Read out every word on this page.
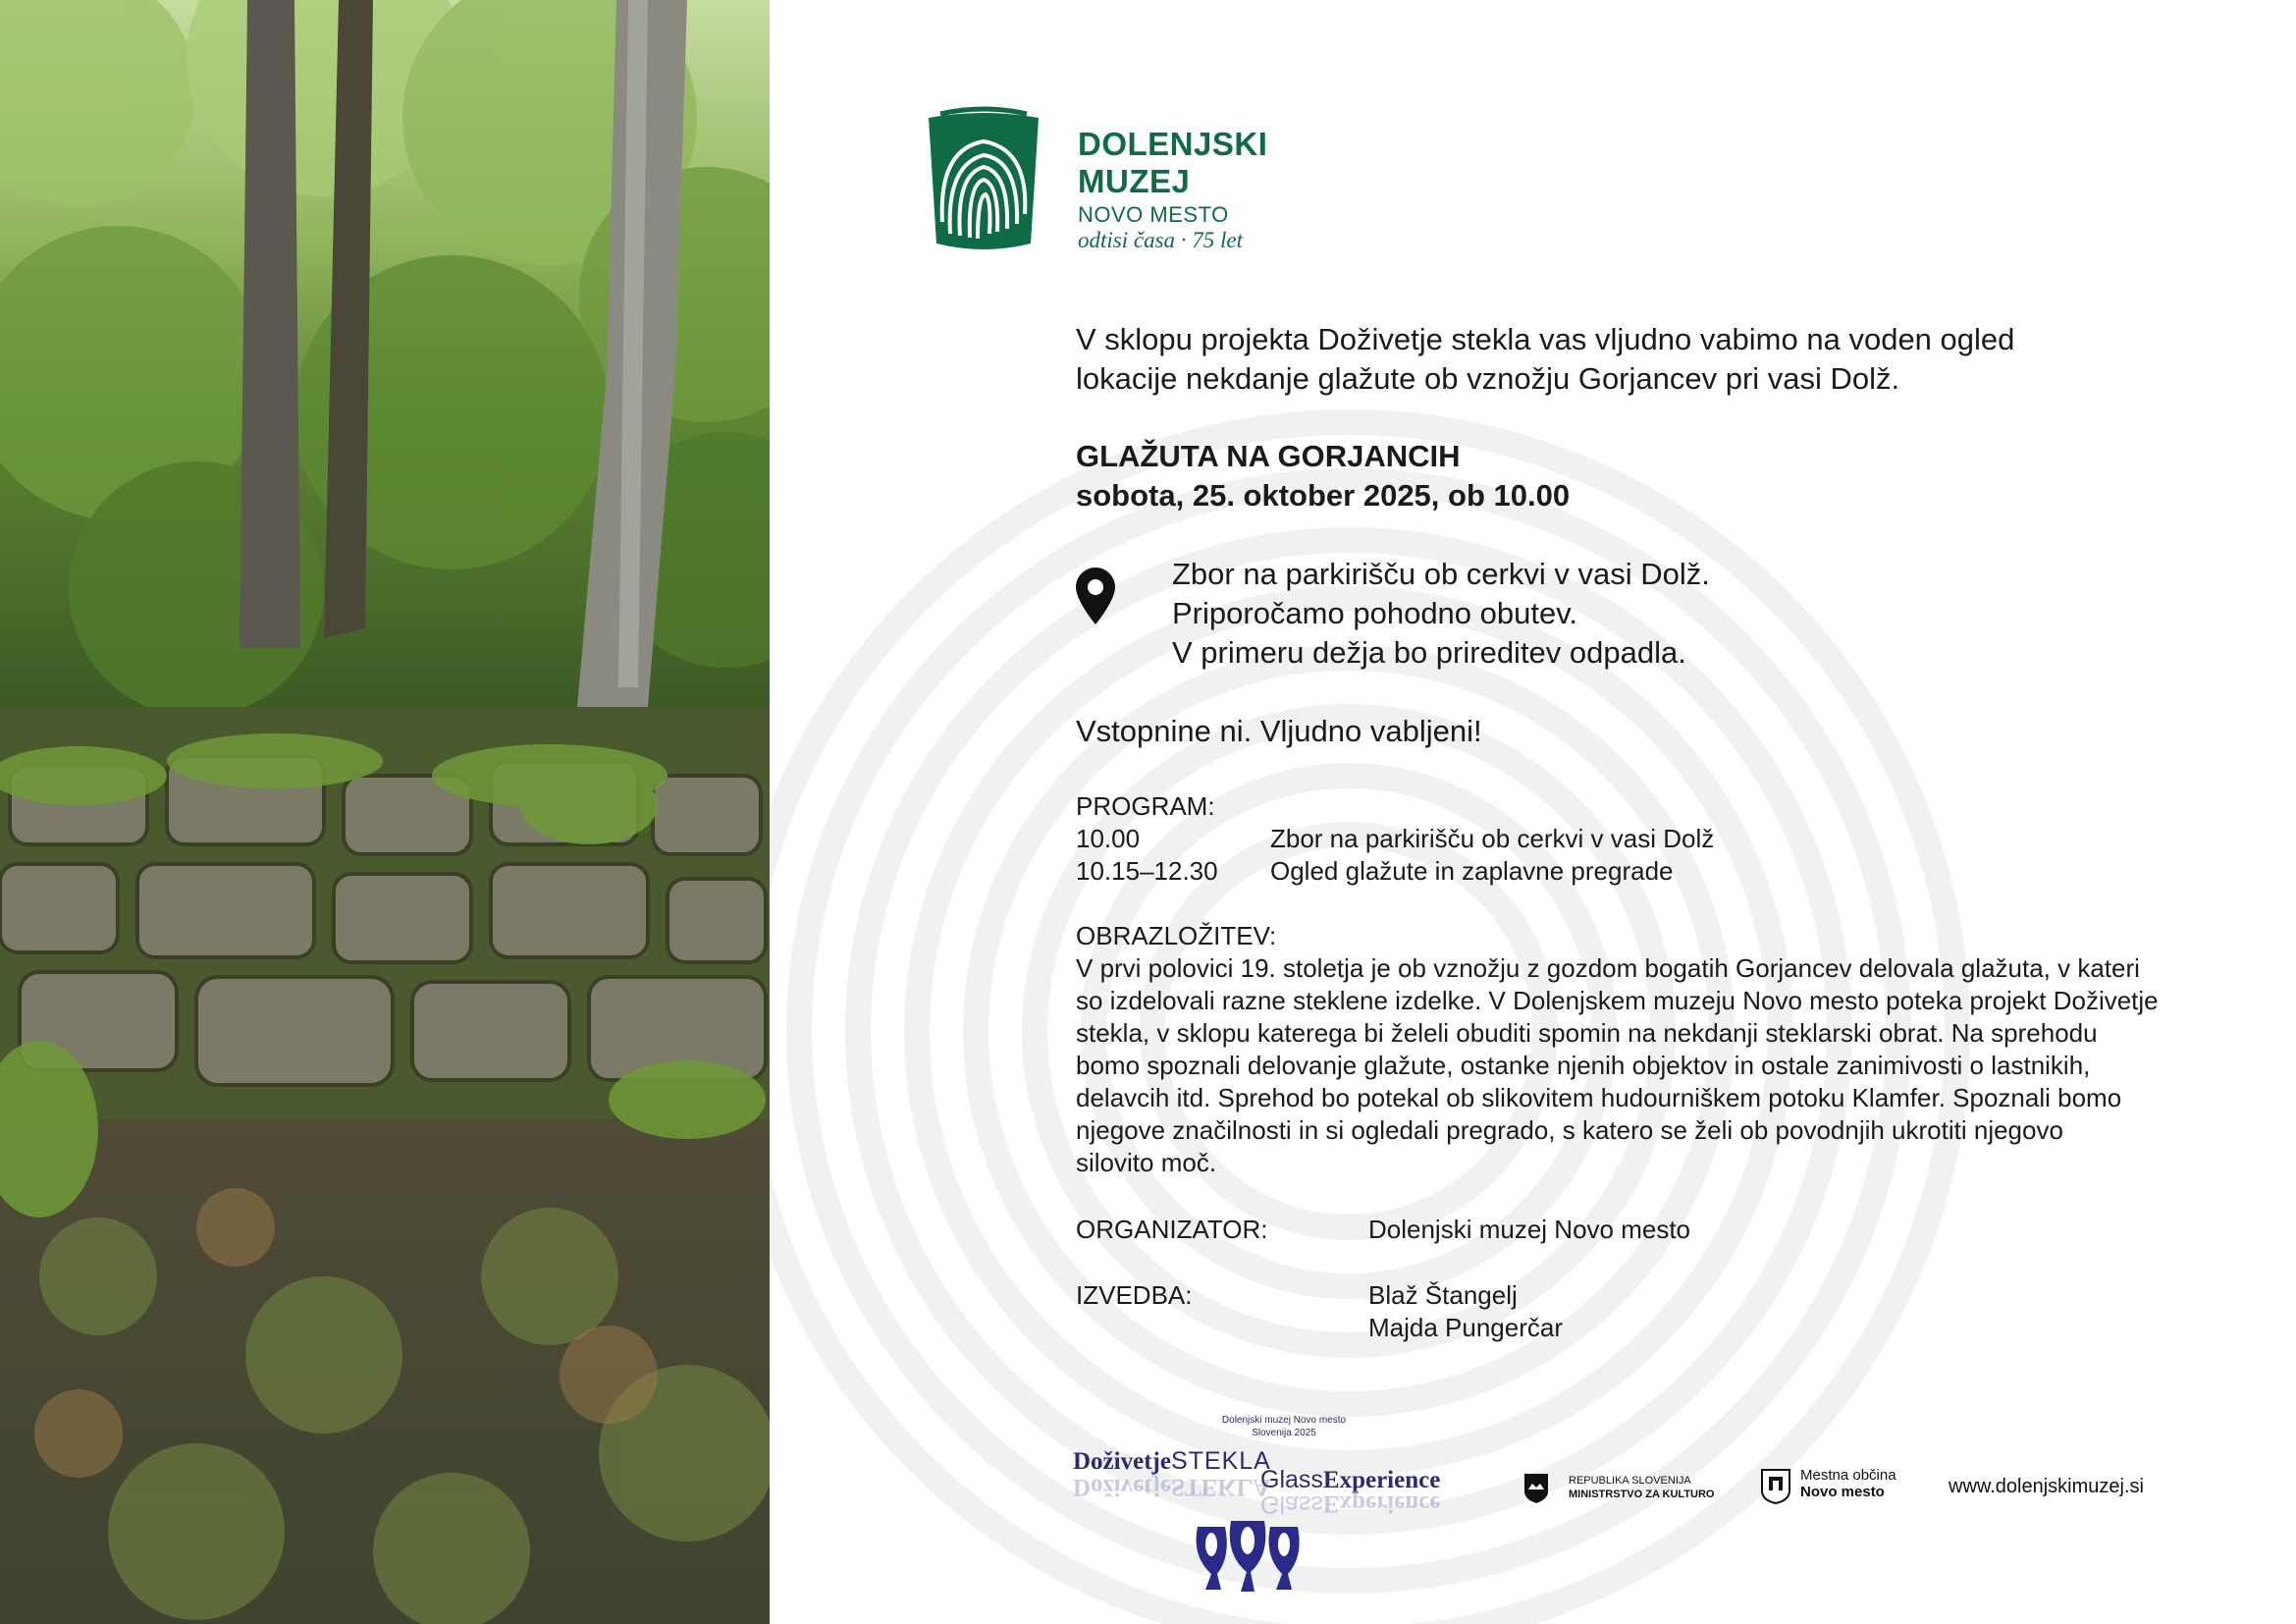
DOLENJSKI
MUZEJ
NOVO MESTO
odtisi časa · 75 let
V sklopu projekta Doživetje stekla vas vljudno vabimo na voden ogled
lokacije nekdanje glažute ob vznožju Gorjancev pri vasi Dolž.
GLAŽUTA NA GORJANCIH
sobota, 25. oktober 2025, ob 10.00
Zbor na parkirišču ob cerkvi v vasi Dolž.
Priporočamo pohodno obutev.
V primeru dežja bo prireditev odpadla.
Vstopnine ni. Vljudno vabljeni!
PROGRAM:
10.00	Zbor na parkirišču ob cerkvi v vasi Dolž
10.15–12.30 Ogled glažute in zaplavne pregrade
OBRAZLOŽITEV:
V prvi polovici 19. stoletja je ob vznožju z gozdom bogatih Gorjancev delovala glažuta, v kateri
so izdelovali razne steklene izdelke. V Dolenjskem muzeju Novo mesto poteka projekt Doživetje
stekla, v sklopu katerega bi želeli obuditi spomin na nekdanji steklarski obrat. Na sprehodu
bomo spoznali delovanje glažute, ostanke njenih objektov in ostale zanimivosti o lastnikih,
delavcih itd. Sprehod bo potekal ob slikovitem hudourniškem potoku Klamfer. Spoznali bomo
njegove značilnosti in si ogledali pregrado, s katero se želi ob povodnjih ukrotiti njegovo
silovito moč.
ORGANIZATOR:	Dolenjski muzej Novo mesto
IZVEDBA:	Blaž Štangelj
Majda Pungerčar
Dolenjski muzej Novo mesto
Slovenija 2025
DoživetjeSTEKLA
DoživetjeSTEKLA
GlassExperience
GlassExperience
REPUBLIKA SLOVENIJA
MINISTRSTVO ZA KULTURO
Mestna občina
Novo mesto	www.dolenjskimuzej.si
